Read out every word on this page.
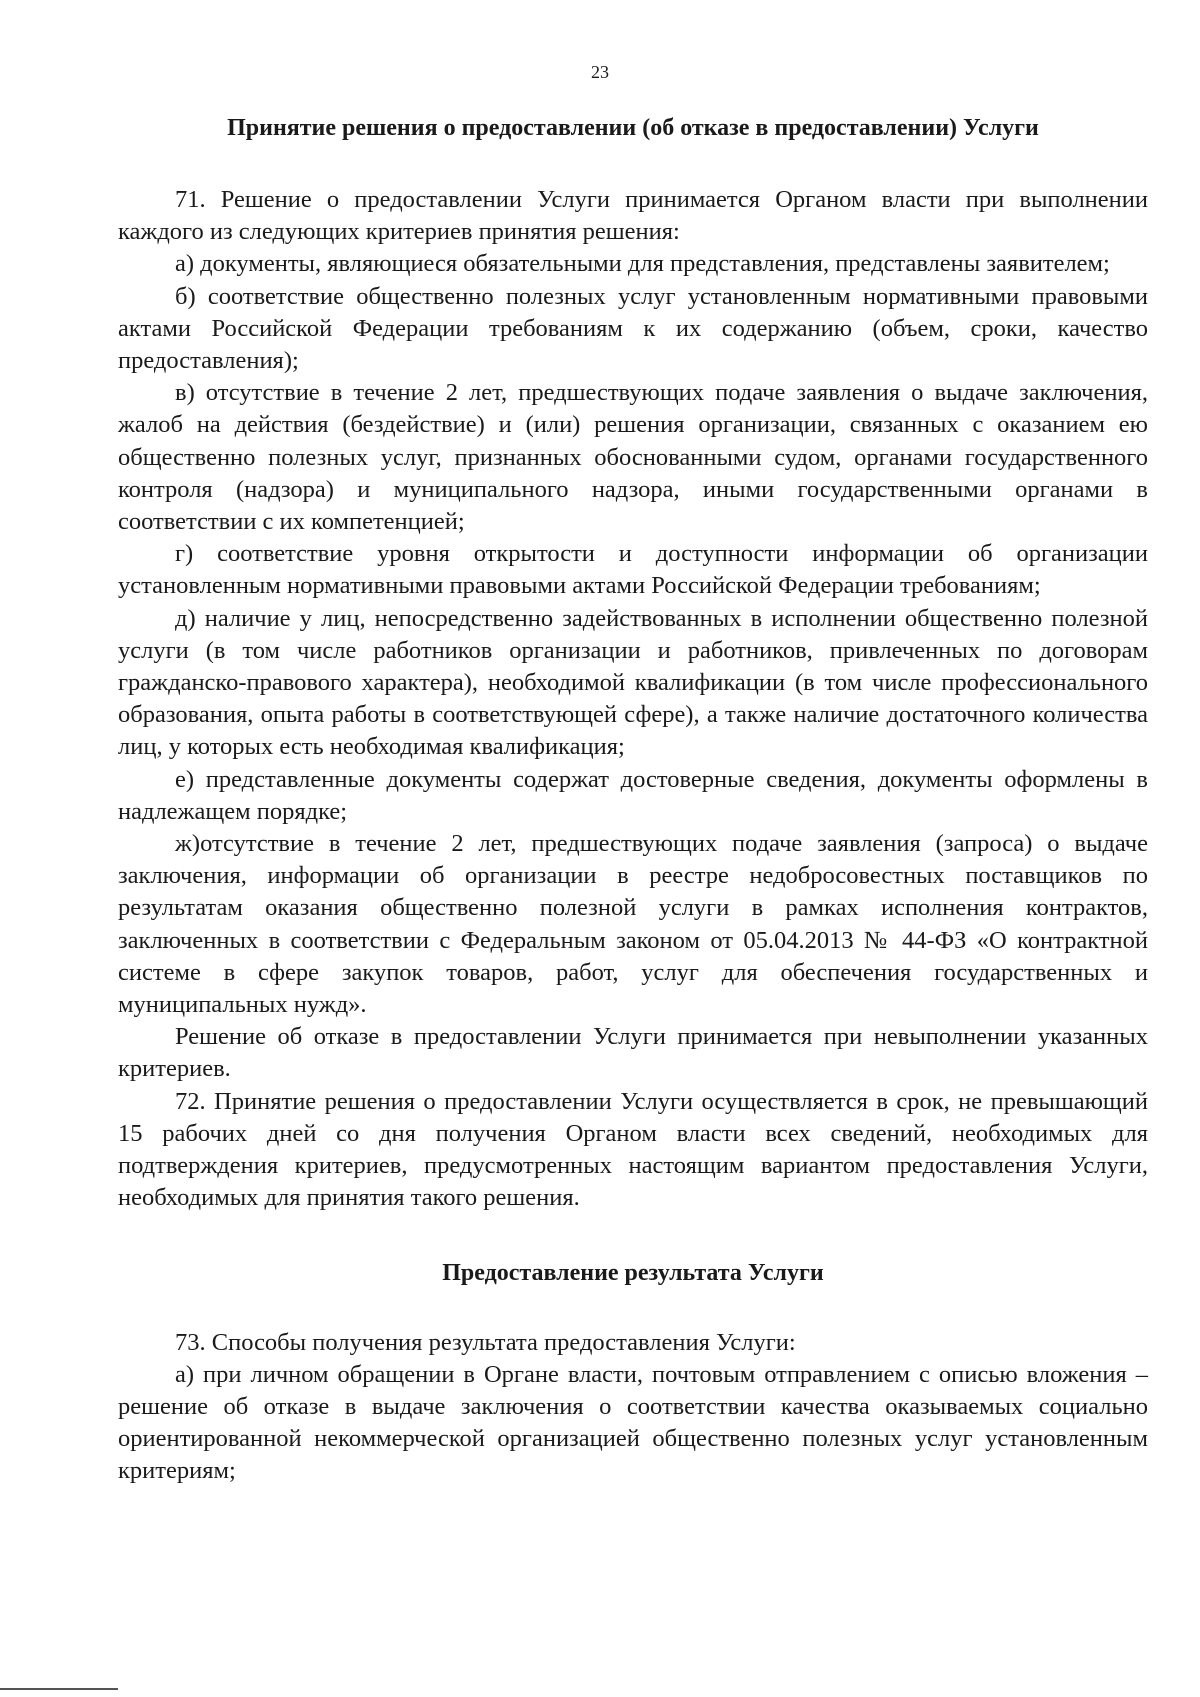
23
Принятие решения о предоставлении (об отказе в предоставлении) Услуги

71. Решение о предоставлении Услуги принимается Органом власти при выполнении каждого из следующих критериев принятия решения:

а) документы, являющиеся обязательными для представления, представлены заявителем;

б) соответствие общественно полезных услуг установленным нормативными правовыми актами Российской Федерации требованиям к их содержанию (объем, сроки, качество предоставления);

в) отсутствие в течение 2 лет, предшествующих подаче заявления о выдаче заключения, жалоб на действия (бездействие) и (или) решения организации, связанных с оказанием ею общественно полезных услуг, признанных обоснованными судом, органами государственного контроля (надзора) и муниципального надзора, иными государственными органами в соответствии с их компетенцией;

г) соответствие уровня открытости и доступности информации об организации установленным нормативными правовыми актами Российской Федерации требованиям;

д) наличие у лиц, непосредственно задействованных в исполнении общественно полезной услуги (в том числе работников организации и работников, привлеченных по договорам гражданско-правового характера), необходимой квалификации (в том числе профессионального образования, опыта работы в соответствующей сфере), а также наличие достаточного количества лиц, у которых есть необходимая квалификация;

е) представленные документы содержат достоверные сведения, документы оформлены в надлежащем порядке;

ж)отсутствие в течение 2 лет, предшествующих подаче заявления (запроса) о выдаче заключения, информации об организации в реестре недобросовестных поставщиков по результатам оказания общественно полезной услуги в рамках исполнения контрактов, заключенных в соответствии с Федеральным законом от 05.04.2013 № 44-ФЗ «О контрактной системе в сфере закупок товаров, работ, услуг для обеспечения государственных и муниципальных нужд».

Решение об отказе в предоставлении Услуги принимается при невыполнении указанных критериев.

72. Принятие решения о предоставлении Услуги осуществляется в срок, не превышающий 15 рабочих дней со дня получения Органом власти всех сведений, необходимых для подтверждения критериев, предусмотренных настоящим вариантом предоставления Услуги, необходимых для принятия такого решения.

Предоставление результата Услуги

73. Способы получения результата предоставления Услуги:

а) при личном обращении в Органе власти, почтовым отправлением с описью вложения – решение об отказе в выдаче заключения о соответствии качества оказываемых социально ориентированной некоммерческой организацией общественно полезных услуг установленным критериям;
